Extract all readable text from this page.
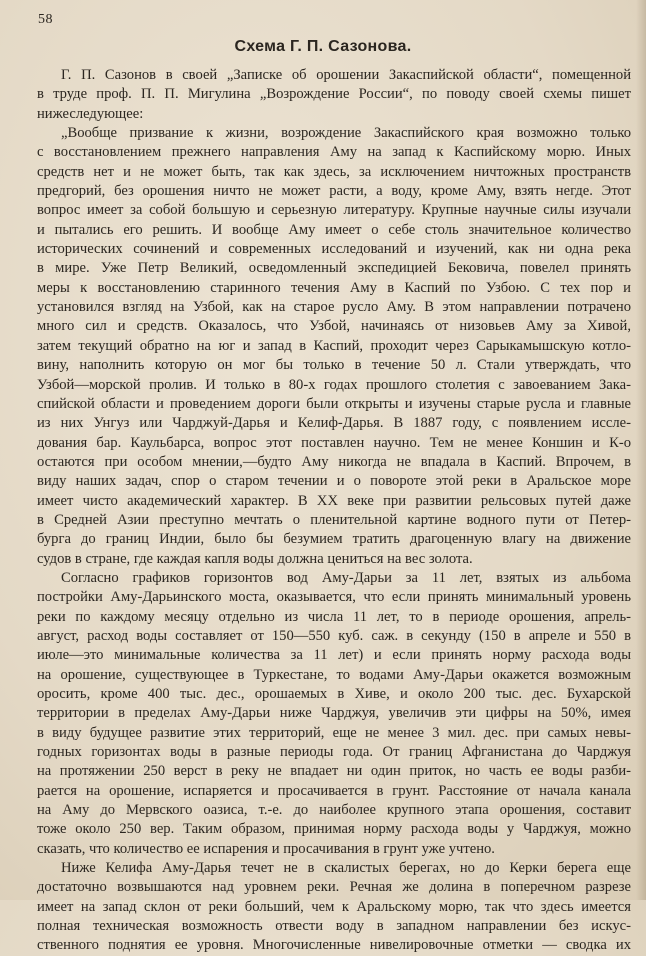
58
Схема Г. П. Сазонова.
Г. П. Сазонов в своей „Записке об орошении Закаспийской области“, помещенной
в труде проф. П. П. Мигулина „Возрождение России“, по поводу своей схемы пишет
нижеследующее:
„Вообще призвание к жизни, возрождение Закаспийского края возможно только
с восстановлением прежнего направления Аму на запад к Каспийскому морю. Иных
средств нет и не может быть, так как здесь, за исключением ничтожных пространств
предгорий, без орошения ничто не может расти, а воду, кроме Аму, взять негде. Этот
вопрос имеет за собой большую и серьезную литературу. Крупные научные силы изучали
и пытались его решить. И вообще Аму имеет о себе столь значительное количество
исторических сочинений и современных исследований и изучений, как ни одна река
в мире. Уже Петр Великий, осведомленный экспедицией Бековича, повелел принять
меры к восстановлению старинного течения Аму в Каспий по Узбою. С тех пор и
установился взгляд на Узбой, как на старое русло Аму. В этом направлении потрачено
много сил и средств. Оказалось, что Узбой, начинаясь от низовьев Аму за Хивой,
затем текущий обратно на юг и запад в Каспий, проходит через Сарыкамышскую котло-
вину, наполнить которую он мог бы только в течение 50 л. Стали утверждать, что
Узбой—морской пролив. И только в 80-х годах прошлого столетия с завоеванием Зака-
спийской области и проведением дороги были открыты и изучены старые русла и главные
из них Унгуз или Чарджуй-Дарья и Келиф-Дарья. В 1887 году, с появлением иссле-
дования бар. Каульбарса, вопрос этот поставлен научно. Тем не менее Коншин и К-о
остаются при особом мнении,—будто Аму никогда не впадала в Каспий. Впрочем, в
виду наших задач, спор о старом течении и о повороте этой реки в Аральское море
имеет чисто академический характер. В XX веке при развитии рельсовых путей даже
в Средней Азии преступно мечтать о пленительной картине водного пути от Петер-
бурга до границ Индии, было бы безумием тратить драгоценную влагу на движение
судов в стране, где каждая капля воды должна цениться на вес золота.
Согласно графиков горизонтов вод Аму-Дарьи за 11 лет, взятых из альбома
постройки Аму-Дарьинского моста, оказывается, что если принять минимальный уровень
реки по каждому месяцу отдельно из числа 11 лет, то в периоде орошения, апрель-
август, расход воды составляет от 150—550 куб. саж. в секунду (150 в апреле и 550 в
июле—это минимальные количества за 11 лет) и если принять норму расхода воды
на орошение, существующее в Туркестане, то водами Аму-Дарьи окажется возможным
оросить, кроме 400 тыс. дес., орошаемых в Хиве, и около 200 тыс. дес. Бухарской
территории в пределах Аму-Дарьи ниже Чарджуя, увеличив эти цифры на 50%, имея
в виду будущее развитие этих территорий, еще не менее 3 мил. дес. при самых невы-
годных горизонтах воды в разные периоды года. От границ Афганистана до Чарджуя
на протяжении 250 верст в реку не впадает ни один приток, но часть ее воды разби-
рается на орошение, испаряется и просачивается в грунт. Расстояние от начала канала
на Аму до Мервского оазиса, т.-е. до наиболее крупного этапа орошения, составит
тоже около 250 вер. Таким образом, принимая норму расхода воды у Чарджуя, можно
сказать, что количество ее испарения и просачивания в грунт уже учтено.
Ниже Келифа Аму-Дарья течет не в скалистых берегах, но до Керки берега еще
достаточно возвышаются над уровнем реки. Речная же долина в поперечном разрезе
имеет на запад склон от реки больший, чем к Аральскому морю, так что здесь имеется
полная техническая возможность отвести воду в западном направлении без искус-
ственного поднятия ее уровня. Многочисленные нивелировочные отметки — сводка их
